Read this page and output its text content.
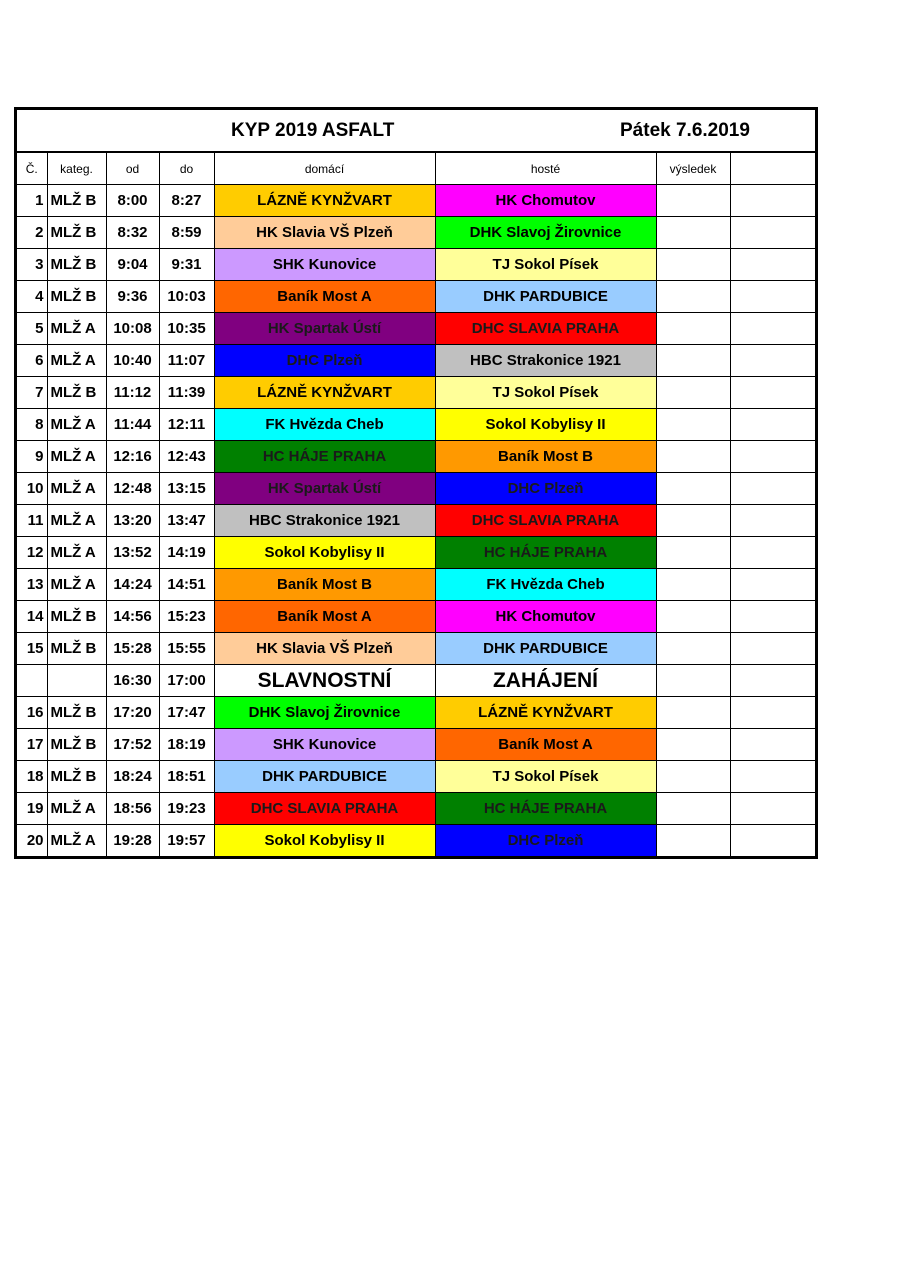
KYP 2019 ASFALT	Pátek 7.6.2019
Č.	kateg.	od	do	domácí	hosté	výsledek	
1	MLŽ B	8:00	8:27	LÁZNĚ KYNŽVART	HK Chomutov		
2	MLŽ B	8:32	8:59	HK Slavia VŠ Plzeň	DHK Slavoj Žirovnice		
3	MLŽ B	9:04	9:31	SHK Kunovice	TJ Sokol Písek		
4	MLŽ B	9:36	10:03	Baník Most A	DHK PARDUBICE		
5	MLŽ A	10:08	10:35	HK Spartak Ústí	DHC SLAVIA PRAHA		
6	MLŽ A	10:40	11:07	DHC Plzeň	HBC Strakonice 1921		
7	MLŽ B	11:12	11:39	LÁZNĚ KYNŽVART	TJ Sokol Písek		
8	MLŽ A	11:44	12:11	FK Hvězda Cheb	Sokol Kobylisy II		
9	MLŽ A	12:16	12:43	HC HÁJE PRAHA	Baník Most B		
10	MLŽ A	12:48	13:15	HK Spartak Ústí	DHC Plzeň		
11	MLŽ A	13:20	13:47	HBC Strakonice 1921	DHC SLAVIA PRAHA		
12	MLŽ A	13:52	14:19	Sokol Kobylisy II	HC HÁJE PRAHA		
13	MLŽ A	14:24	14:51	Baník Most B	FK Hvězda Cheb		
14	MLŽ B	14:56	15:23	Baník Most A	HK Chomutov		
15	MLŽ B	15:28	15:55	HK Slavia VŠ Plzeň	DHK PARDUBICE		
		16:30	17:00	SLAVNOSTNÍ	ZAHÁJENÍ		
16	MLŽ B	17:20	17:47	DHK Slavoj Žirovnice	LÁZNĚ KYNŽVART		
17	MLŽ B	17:52	18:19	SHK Kunovice	Baník Most A		
18	MLŽ B	18:24	18:51	DHK PARDUBICE	TJ Sokol Písek		
19	MLŽ A	18:56	19:23	DHC SLAVIA PRAHA	HC HÁJE PRAHA		
20	MLŽ A	19:28	19:57	Sokol Kobylisy II	DHC Plzeň		
